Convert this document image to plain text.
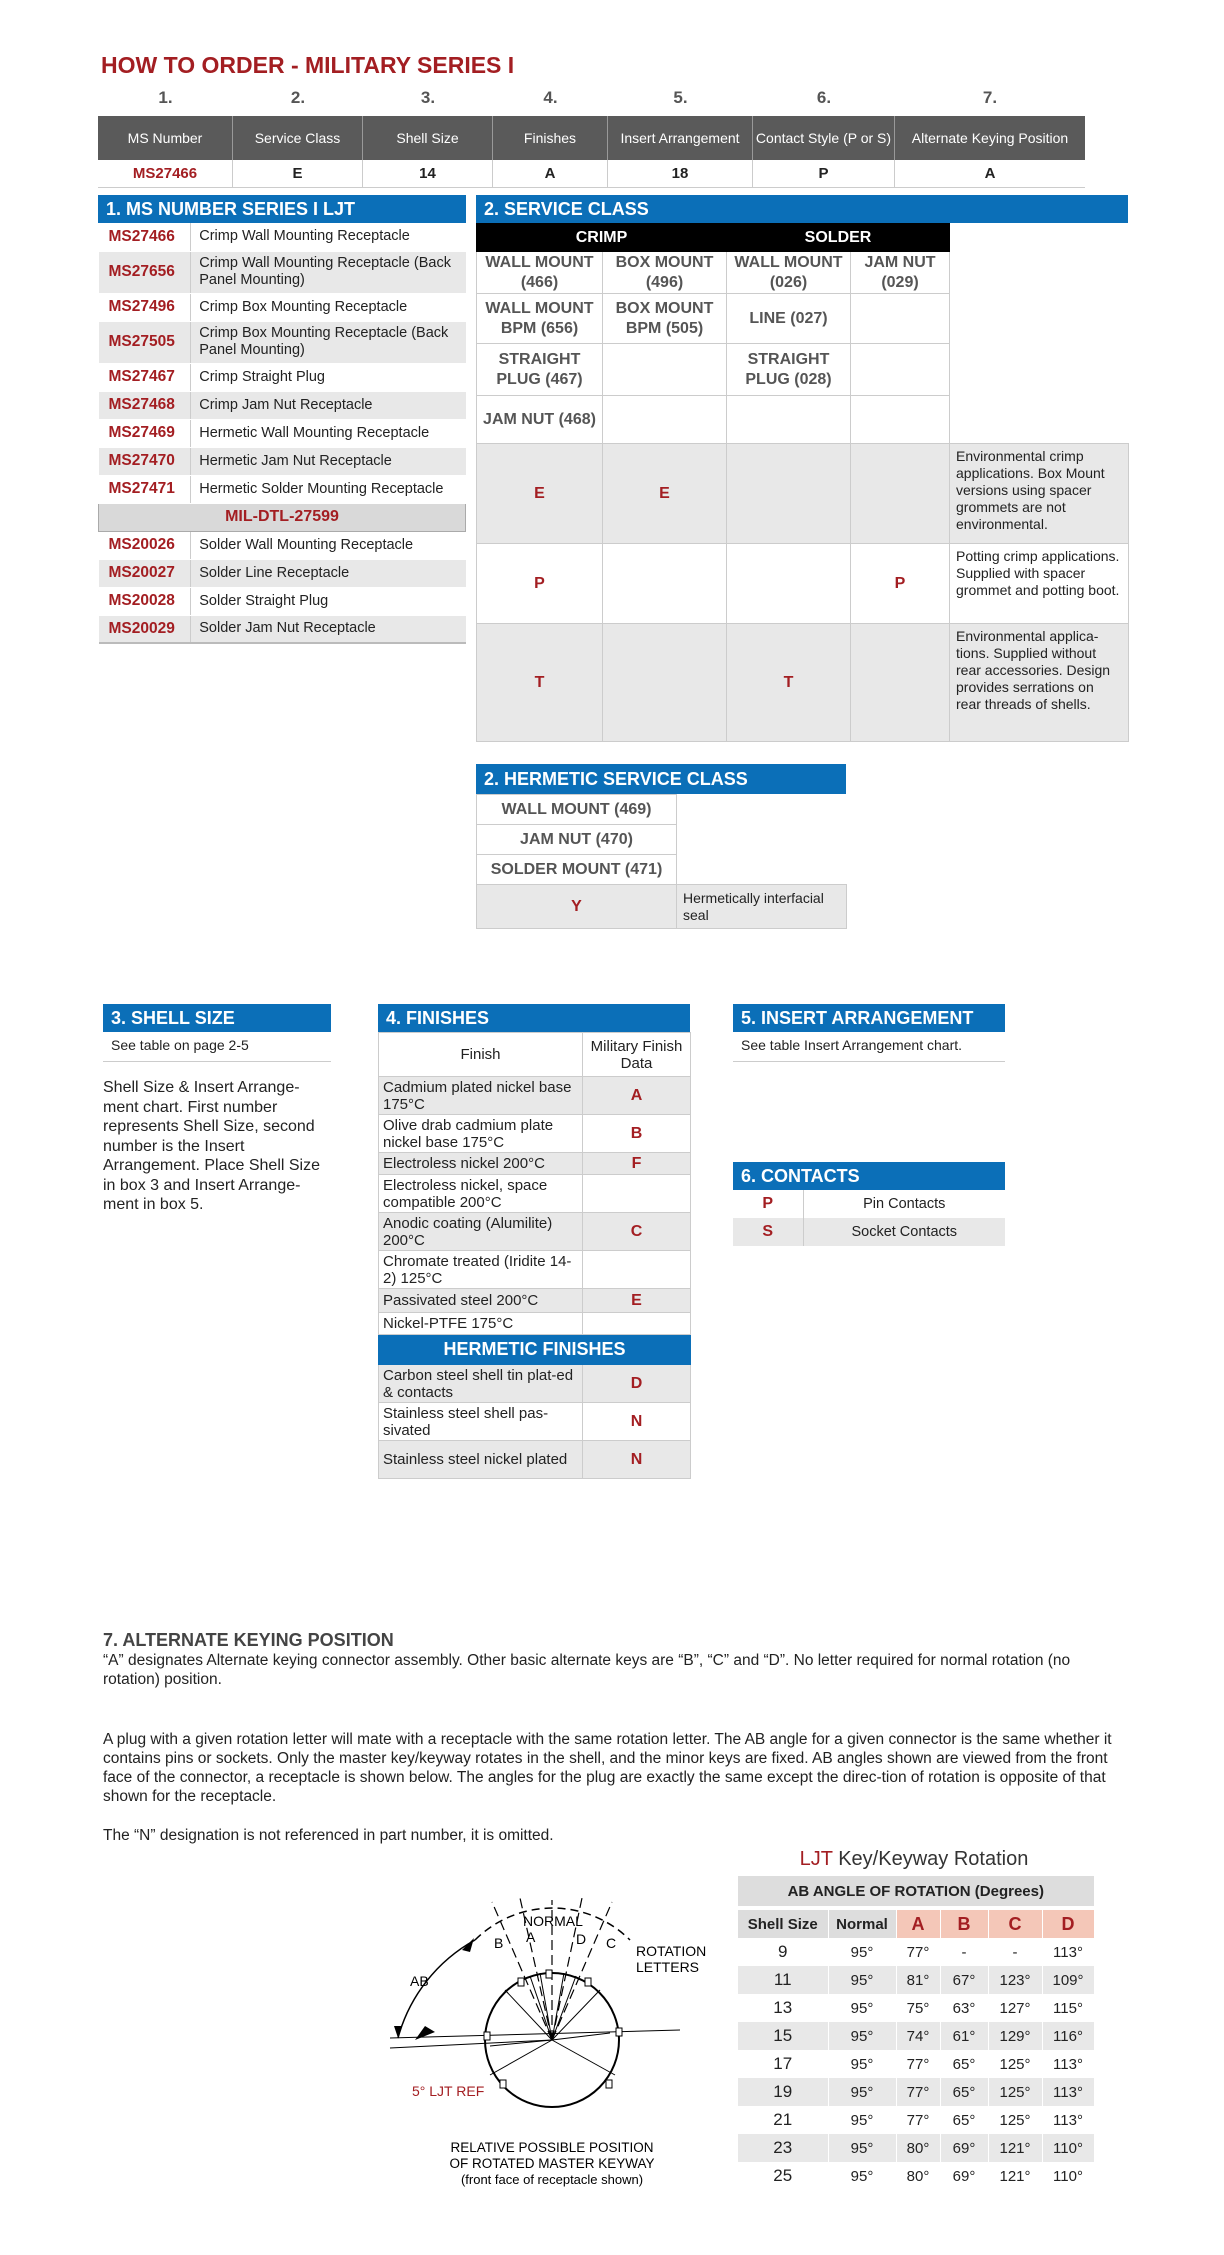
HOW TO ORDER - MILITARY SERIES I
1.	2.	3.	4.	5.	6.	7.
MS Number	Service Class	Shell Size	Finishes	Insert Arrangement	Contact Style (P or S)	Alternate Keying Position
MS27466	E	14	A	18	P	A
1. MS NUMBER SERIES I LJT
MS27466	Crimp Wall Mounting Receptacle
MS27656	Crimp Wall Mounting Receptacle (Back Panel Mounting)
MS27496	Crimp Box Mounting Receptacle
MS27505	Crimp Box Mounting Receptacle (Back Panel Mounting)
MS27467	Crimp Straight Plug
MS27468	Crimp Jam Nut Receptacle
MS27469	Hermetic Wall Mounting Receptacle
MS27470	Hermetic Jam Nut Receptacle
MS27471	Hermetic Solder Mounting Receptacle
MIL-DTL-27599	
MS20026	Solder Wall Mounting Receptacle
MS20027	Solder Line Receptacle
MS20028	Solder Straight Plug
MS20029	Solder Jam Nut Receptacle
2. SERVICE CLASS
CRIMP		SOLDER		
WALL MOUNT (466)	BOX MOUNT (496)	WALL MOUNT (026)	JAM NUT (029)	
WALL MOUNT BPM (656)	BOX MOUNT BPM (505)	LINE (027)		
STRAIGHT PLUG (467)		STRAIGHT PLUG (028)		
JAM NUT (468)				
E	E			Environmental crimp applications. Box Mount versions using spacer grommets are not environmental.
P			P	Potting crimp applications. Supplied with spacer grommet and potting boot.
T		T		Environmental applica-tions. Supplied without rear accessories. Design provides serrations on rear threads of shells.
2. HERMETIC SERVICE CLASS
WALL MOUNT (469)	
JAM NUT (470)	
SOLDER MOUNT (471)	
Y	Hermetically interfacial seal
3. SHELL SIZE
See table on page 2-5
Shell Size & Insert Arrange-ment chart. First number represents Shell Size, second number is the Insert Arrangement. Place Shell Size in box 3 and Insert Arrange-ment in box 5.
4. FINISHES
Finish	Military Finish Data
Cadmium plated nickel base 175°C	A
Olive drab cadmium plate nickel base 175°C	B
Electroless nickel 200°C	F
Electroless nickel, space compatible 200°C	
Anodic coating (Alumilite) 200°C	C
Chromate treated (Iridite 14-2) 125°C	
Passivated steel 200°C	E
Nickel-PTFE 175°C	
HERMETIC FINISHES	
Carbon steel shell tin plat-ed & contacts	D
Stainless steel shell pas-sivated	N
Stainless steel nickel plated	N
5. INSERT ARRANGEMENT
See table Insert Arrangement chart.
6. CONTACTS
P	Pin Contacts
S	Socket Contacts
7. ALTERNATE KEYING POSITION
“A” designates Alternate keying connector assembly. Other basic alternate keys are “B”, “C” and “D”. No letter required for normal rotation (no rotation) position.
A plug with a given rotation letter will mate with a receptacle with the same rotation letter. The AB angle for a given connector is the same whether it contains pins or sockets. Only the master key/keyway rotates in the shell, and the minor keys are fixed. AB angles shown are viewed from the front face of the connector, a receptacle is shown below. The angles for the plug are exactly the same except the direc-tion of rotation is opposite of that shown for the receptacle.
The “N” designation is not referenced in part number, it is omitted.
NORMAL
A
B	C
D
AB
ROTATION
LETTERS
5° LJT REF
RELATIVE POSSIBLE POSITION
OF ROTATED MASTER KEYWAY
(front face of receptacle shown)
LJT Key/Keyway Rotation
AB ANGLE OF ROTATION (Degrees)					
Shell Size	Normal	A	B	C	D
9	95°	77°	-	-	113°
11	95°	81°	67°	123°	109°
13	95°	75°	63°	127°	115°
15	95°	74°	61°	129°	116°
17	95°	77°	65°	125°	113°
19	95°	77°	65°	125°	113°
21	95°	77°	65°	125°	113°
23	95°	80°	69°	121°	110°
25	95°	80°	69°	121°	110°
